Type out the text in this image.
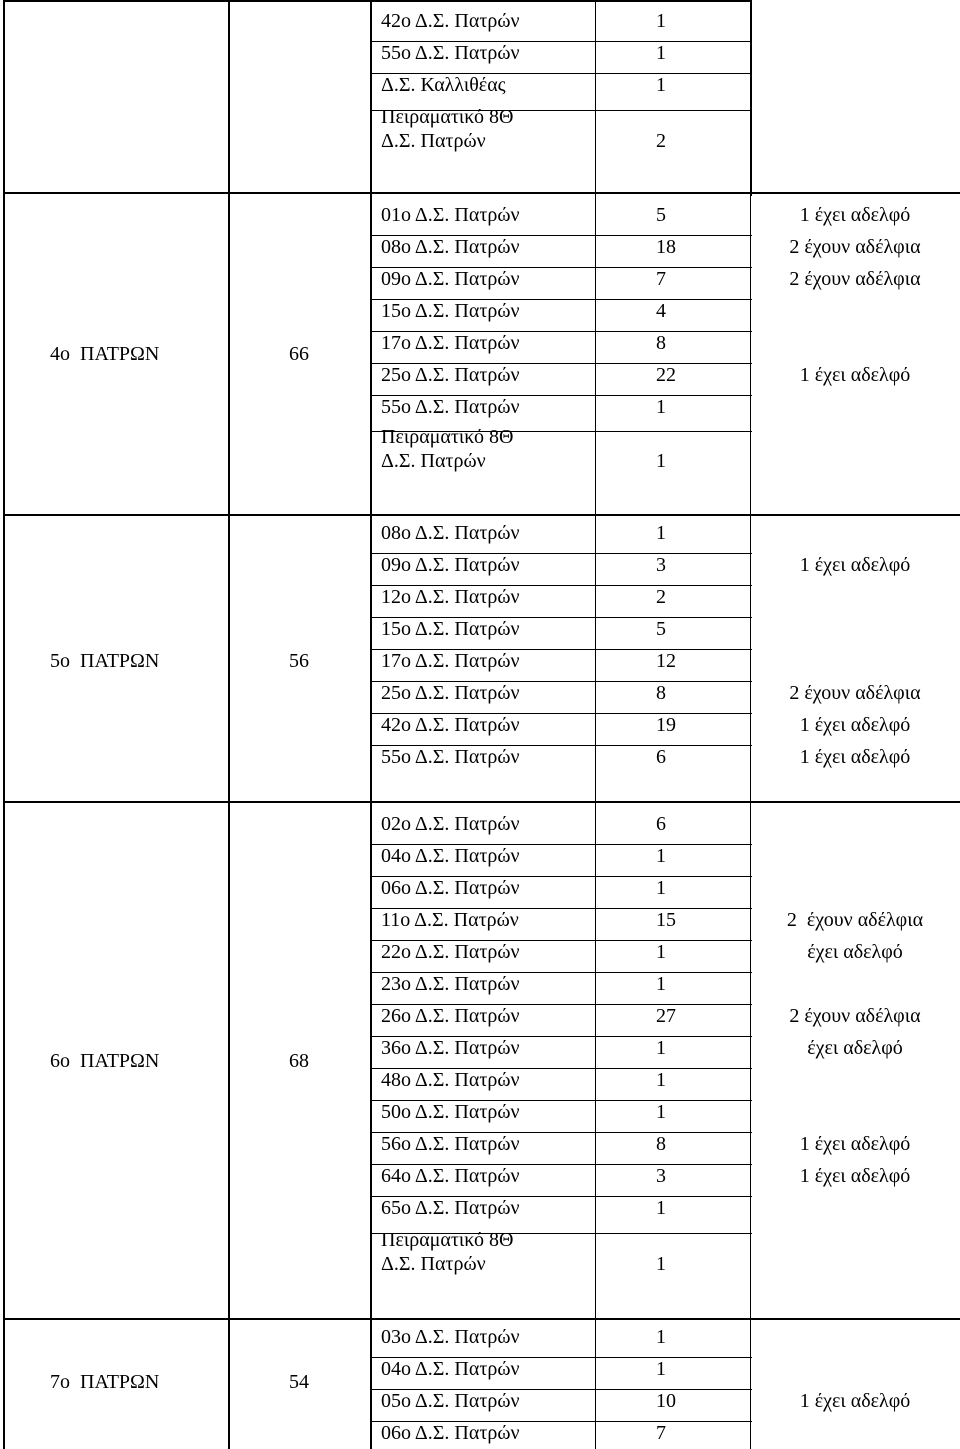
42ο Δ.Σ. Πατρών	1
55ο Δ.Σ. Πατρών	1
Δ.Σ. Καλλιθέας	1
Πειραματικό 8Θ
Δ.Σ. Πατρών	2
4ο  ΠΑΤΡΩΝ	66
01ο Δ.Σ. Πατρών	5	1 έχει αδελφό
08ο Δ.Σ. Πατρών	18	2 έχουν αδέλφια
09ο Δ.Σ. Πατρών	7	2 έχουν αδέλφια
15ο Δ.Σ. Πατρών	4
17ο Δ.Σ. Πατρών	8
25ο Δ.Σ. Πατρών	22	1 έχει αδελφό
55ο Δ.Σ. Πατρών	1
Πειραματικό 8Θ
Δ.Σ. Πατρών	1
5ο  ΠΑΤΡΩΝ	56
08ο Δ.Σ. Πατρών	1
09ο Δ.Σ. Πατρών	3	1 έχει αδελφό
12ο Δ.Σ. Πατρών	2
15ο Δ.Σ. Πατρών	5
17ο Δ.Σ. Πατρών	12
25ο Δ.Σ. Πατρών	8	2 έχουν αδέλφια
42ο Δ.Σ. Πατρών	19	1 έχει αδελφό
55ο Δ.Σ. Πατρών	6	1 έχει αδελφό
6ο  ΠΑΤΡΩΝ	68
02ο Δ.Σ. Πατρών	6
04ο Δ.Σ. Πατρών	1
06ο Δ.Σ. Πατρών	1
11ο Δ.Σ. Πατρών	15	2  έχουν αδέλφια
22ο Δ.Σ. Πατρών	1	έχει αδελφό
23ο Δ.Σ. Πατρών	1
26ο Δ.Σ. Πατρών	27	2 έχουν αδέλφια
36ο Δ.Σ. Πατρών	1	έχει αδελφό
48ο Δ.Σ. Πατρών	1
50ο Δ.Σ. Πατρών	1
56ο Δ.Σ. Πατρών	8	1 έχει αδελφό
64ο Δ.Σ. Πατρών	3	1 έχει αδελφό
65ο Δ.Σ. Πατρών	1
Πειραματικό 8Θ
Δ.Σ. Πατρών	1
7ο  ΠΑΤΡΩΝ	54
03ο Δ.Σ. Πατρών	1
04ο Δ.Σ. Πατρών	1
05ο Δ.Σ. Πατρών	10	1 έχει αδελφό
06ο Δ.Σ. Πατρών	7
